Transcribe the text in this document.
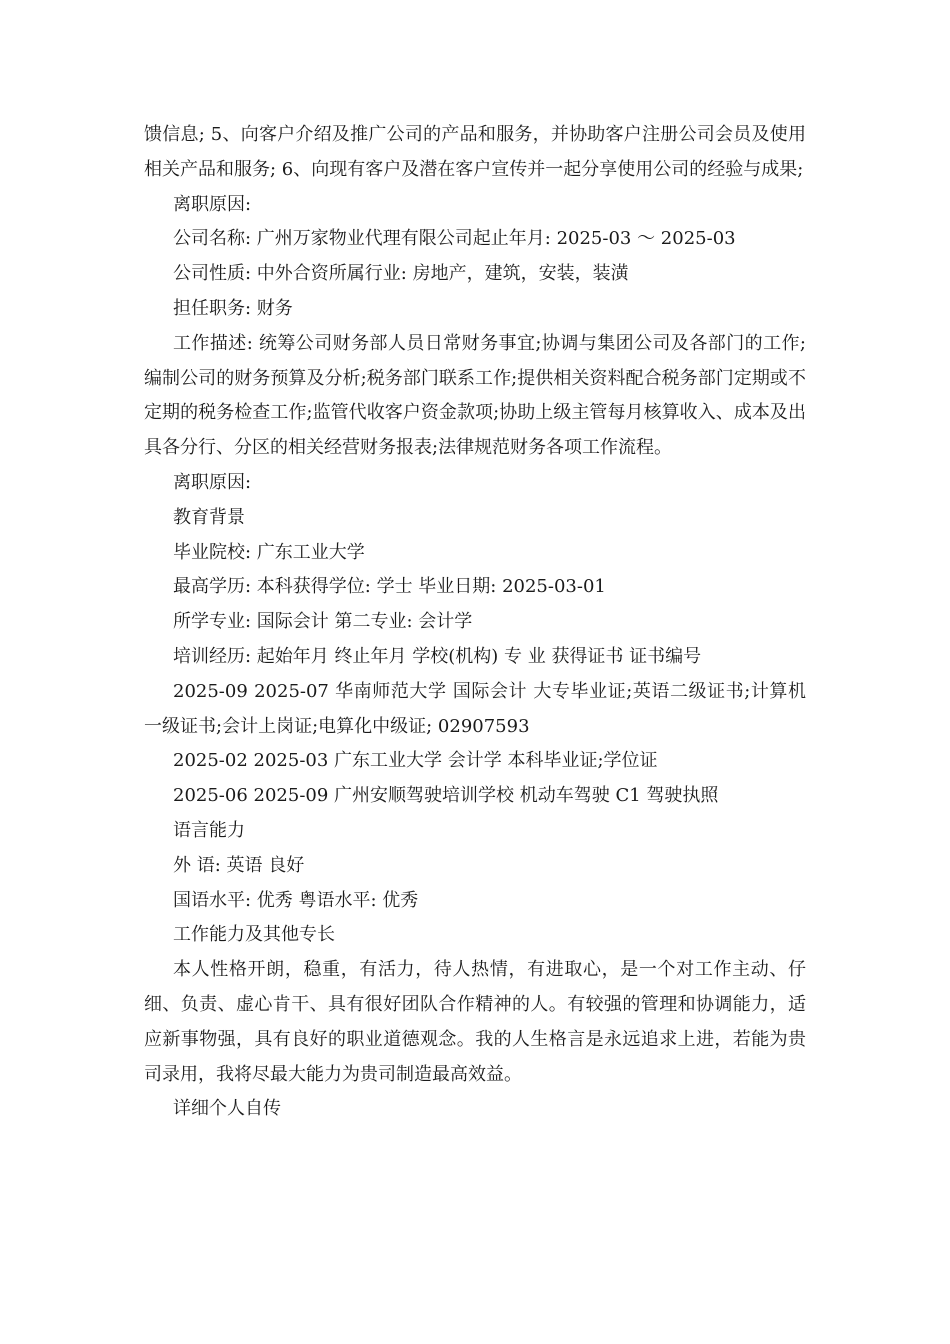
馈信息; 5、向客户介绍及推广公司的产品和服务，并协助客户注册公司会员及使用相关产品和服务; 6、向现有客户及潜在客户宣传并一起分享使用公司的经验与成果;

离职原因:

公司名称: 广州万家物业代理有限公司起止年月: 2025-03 ～ 2025-03

公司性质: 中外合资所属行业: 房地产，建筑，安装，装潢

担任职务: 财务

工作描述: 统筹公司财务部人员日常财务事宜;协调与集团公司及各部门的工作;编制公司的财务预算及分析;税务部门联系工作;提供相关资料配合税务部门定期或不定期的税务检查工作;监管代收客户资金款项;协助上级主管每月核算收入、成本及出具各分行、分区的相关经营财务报表;法律规范财务各项工作流程。

离职原因:

教育背景

毕业院校: 广东工业大学

最高学历: 本科获得学位: 学士 毕业日期: 2025-03-01

所学专业: 国际会计 第二专业: 会计学

培训经历: 起始年月 终止年月 学校(机构) 专 业 获得证书 证书编号

2025-09 2025-07 华南师范大学 国际会计 大专毕业证;英语二级证书;计算机一级证书;会计上岗证;电算化中级证; 02907593

2025-02 2025-03 广东工业大学 会计学 本科毕业证;学位证

2025-06 2025-09 广州安顺驾驶培训学校 机动车驾驶 C1 驾驶执照

语言能力

外 语: 英语 良好

国语水平: 优秀 粤语水平: 优秀

工作能力及其他专长

本人性格开朗，稳重，有活力，待人热情，有进取心，是一个对工作主动、仔细、负责、虚心肯干、具有很好团队合作精神的人。有较强的管理和协调能力，适应新事物强，具有良好的职业道德观念。我的人生格言是永远追求上进，若能为贵司录用，我将尽最大能力为贵司制造最高效益。

详细个人自传
